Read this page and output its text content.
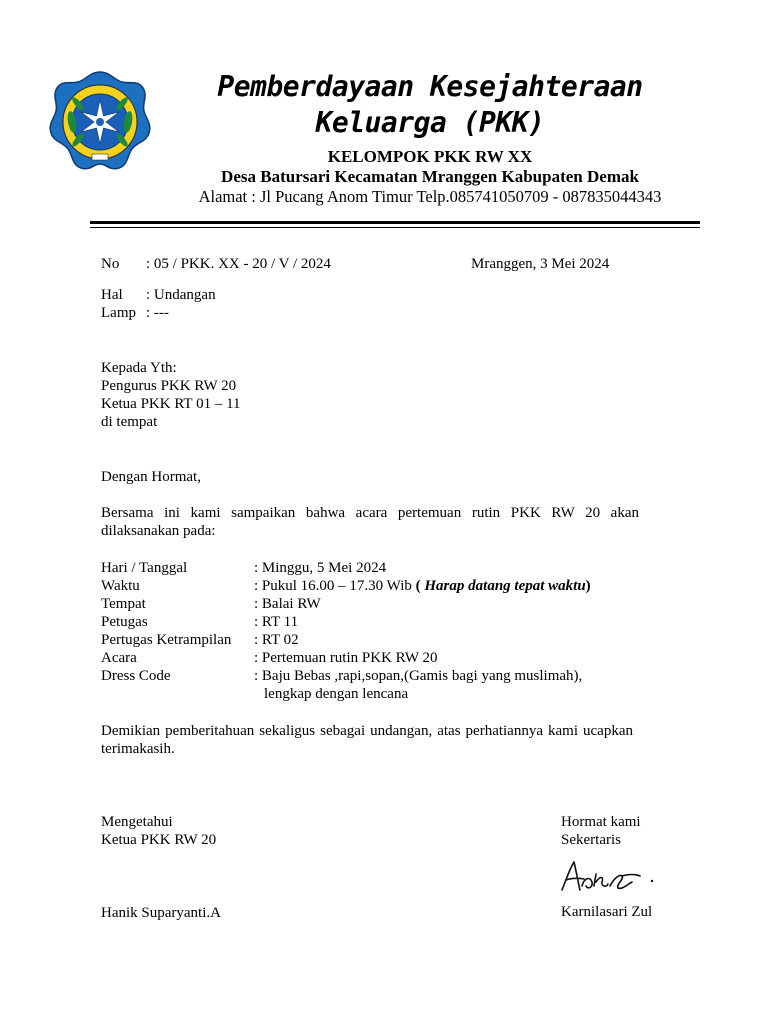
Pemberdayaan Kesejahteraan
Keluarga (PKK)
KELOMPOK PKK RW XX
Desa Batursari Kecamatan Mranggen Kabupaten Demak
Alamat : Jl Pucang Anom Timur Telp.085741050709 - 087835044343
No : 05 / PKK. XX - 20 / V / 2024	Mranggen, 3 Mei 2024
Hal : Undangan
Lamp : ---
Kepada Yth:
Pengurus PKK RW 20
Ketua PKK RT 01 – 11
di tempat
Dengan Hormat,
Bersama ini kami sampaikan bahwa acara pertemuan rutin PKK RW 20 akan dilaksanakan pada:
Hari / Tanggal	: Minggu, 5 Mei 2024
Waktu	: Pukul 16.00 – 17.30 Wib ( Harap datang tepat waktu)
Tempat	: Balai RW
Petugas	: RT 11
Pertugas Ketrampilan : RT 02
Acara	: Pertemuan rutin PKK RW 20
Dress Code	: Baju Bebas ,rapi,sopan,(Gamis bagi yang muslimah),
lengkap dengan lencana
Demikian pemberitahuan sekaligus sebagai undangan, atas perhatiannya kami ucapkan terimakasih.
Mengetahui
Ketua PKK RW 20
Hanik Suparyanti.A
Hormat kami
Sekertaris
Karnilasari Zul
